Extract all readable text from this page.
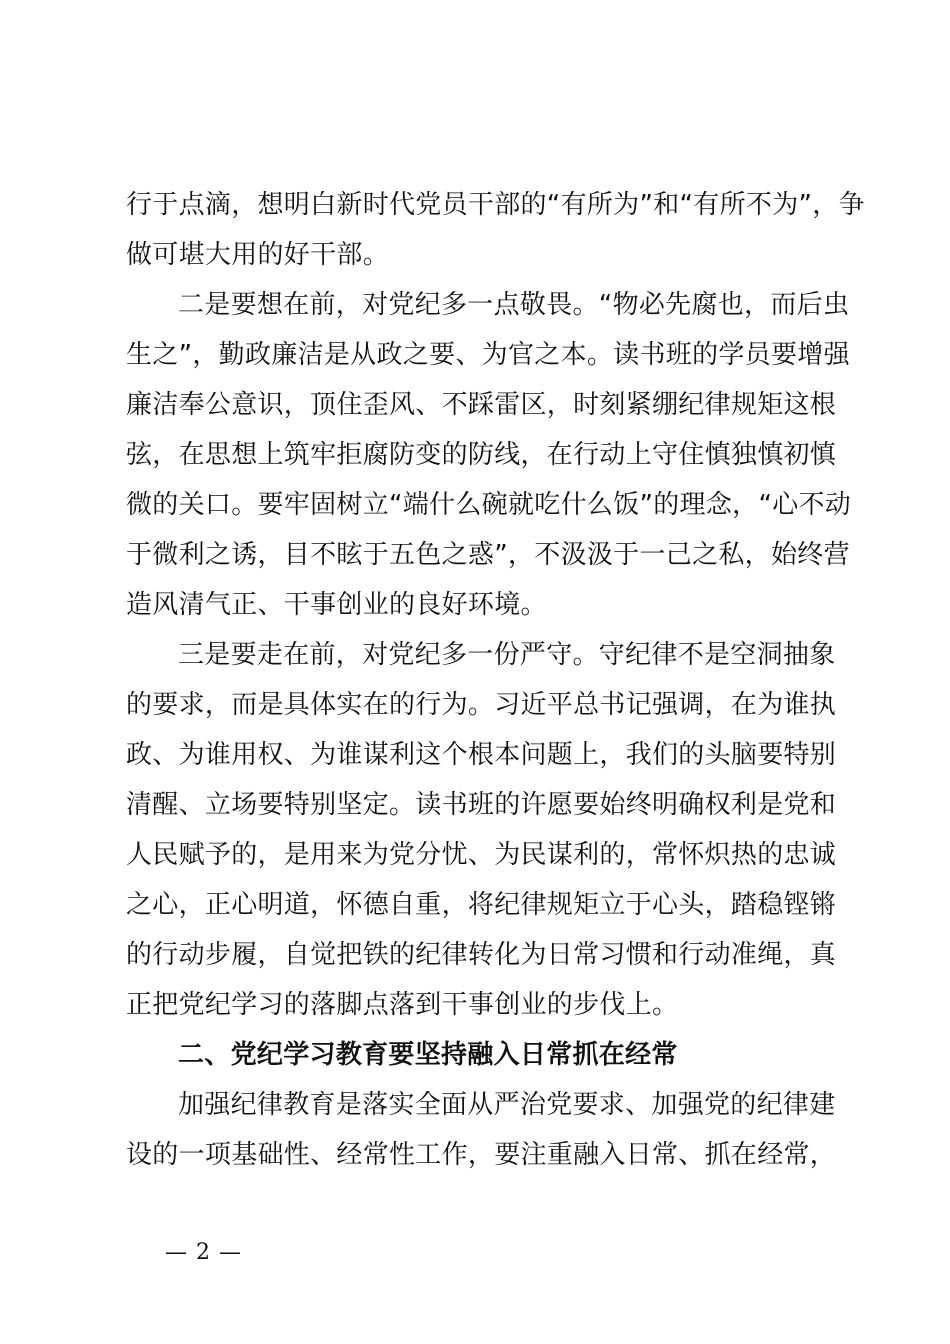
行于点滴，想明白新时代党员干部的“有所为”和“有所不为”，争
做可堪大用的好干部。
二是要想在前，对党纪多一点敬畏。“物必先腐也，而后虫
生之”，勤政廉洁是从政之要、为官之本。读书班的学员要增强
廉洁奉公意识，顶住歪风、不踩雷区，时刻紧绷纪律规矩这根
弦，在思想上筑牢拒腐防变的防线，在行动上守住慎独慎初慎
微的关口。要牢固树立“端什么碗就吃什么饭”的理念，“心不动
于微利之诱，目不眩于五色之惑”，不汲汲于一己之私，始终营
造风清气正、干事创业的良好环境。
三是要走在前，对党纪多一份严守。守纪律不是空洞抽象
的要求，而是具体实在的行为。习近平总书记强调，在为谁执
政、为谁用权、为谁谋利这个根本问题上，我们的头脑要特别
清醒、立场要特别坚定。读书班的许愿要始终明确权利是党和
人民赋予的，是用来为党分忧、为民谋利的，常怀炽热的忠诚
之心，正心明道，怀德自重，将纪律规矩立于心头，踏稳铿锵
的行动步履，自觉把铁的纪律转化为日常习惯和行动准绳，真
正把党纪学习的落脚点落到干事创业的步伐上。
二、党纪学习教育要坚持融入日常抓在经常
加强纪律教育是落实全面从严治党要求、加强党的纪律建
设的一项基础性、经常性工作，要注重融入日常、抓在经常，
— 2 —
